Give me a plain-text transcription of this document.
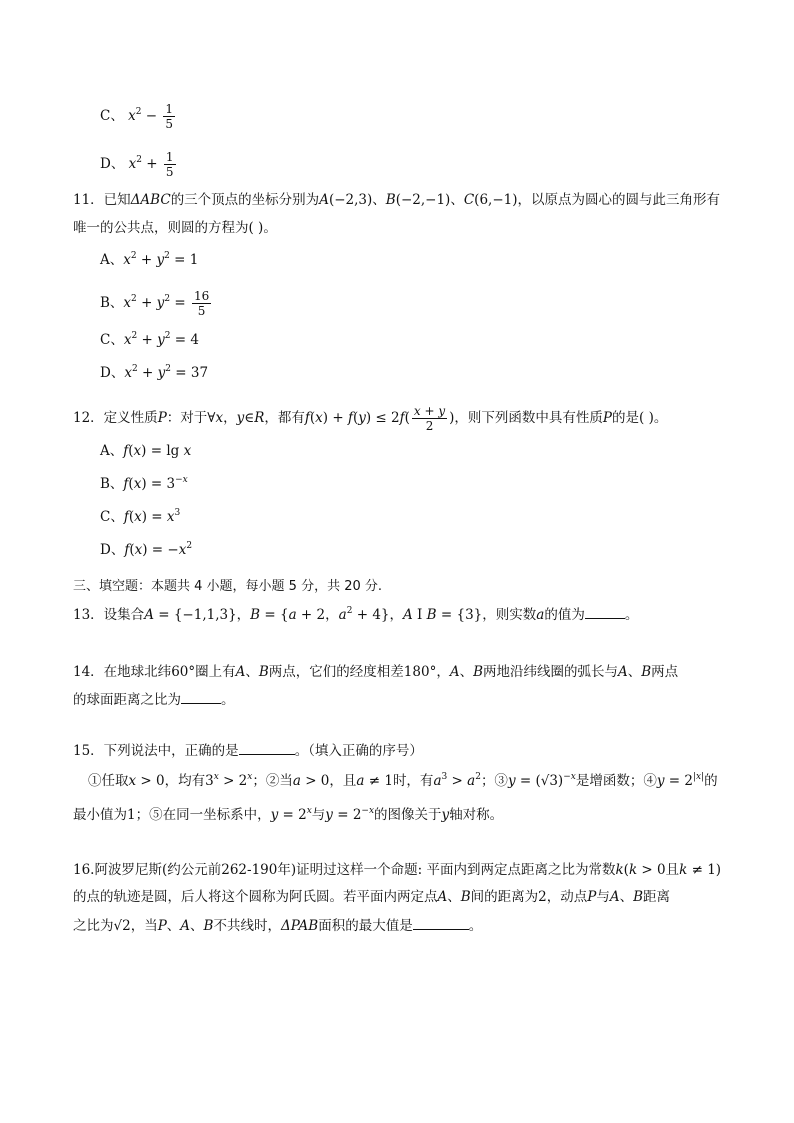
C、 $x^2 - \frac{1}{5}$
D、 $x^2 + \frac{1}{5}$
11．已知ΔABC的三个顶点的坐标分别为A(−2,3)、B(−2,−1)、C(6,−1)，以原点为圆心的圆与此三角形有
唯一的公共点，则圆的方程为( )。
A、$x^2 + y^2 = 1$
B、$x^2 + y^2 = \frac{16}{5}$
C、$x^2 + y^2 = 4$
D、$x^2 + y^2 = 37$
12．定义性质P：对于∀x，y∈R，都有$f(x) + f(y) \le 2f( \frac{x + y}{2}$ )，则下列函数中具有性质P的是( )。
A、f(x) = lg x
B、$f(x) = 3^{-x}$
C、$f(x) = x^3$
D、$f(x) = -x^2$
三、填空题：本题共 4 小题，每小题 5 分，共 20 分.
13．设集合A = {−1,1,3}，B = {a + 2，$a^2 + 4$}，A I B = {3}，则实数a的值为	。
14．在地球北纬60°圈上有A、B两点，它们的经度相差180°，A、B两地沿纬线圈的弧长与A、B两点
的球面距离之比为	。
15．下列说法中，正确的是	。（填入正确的序号）
①任取x > 0，均有$3^x > 2^x$；②当a > 0，且a ≠ 1时，有$a^3 > a^2$；③y = $(√3)^{-x}$是增函数；④y = $2^{|x|}$的
最小值为1；⑤在同一坐标系中，$y = 2^x$与$y = 2^{-x}$的图像关于y轴对称。
16.阿波罗尼斯(约公元前262-190年)证明过这样一个命题: 平面内到两定点距离之比为常数k(k > 0且k ≠ 1)
的点的轨迹是圆，后人将这个圆称为阿氏圆。若平面内两定点A、B间的距离为2，动点P与A、B距离
之比为√2，当P、A、B不共线时，ΔPAB面积的最大值是	。
